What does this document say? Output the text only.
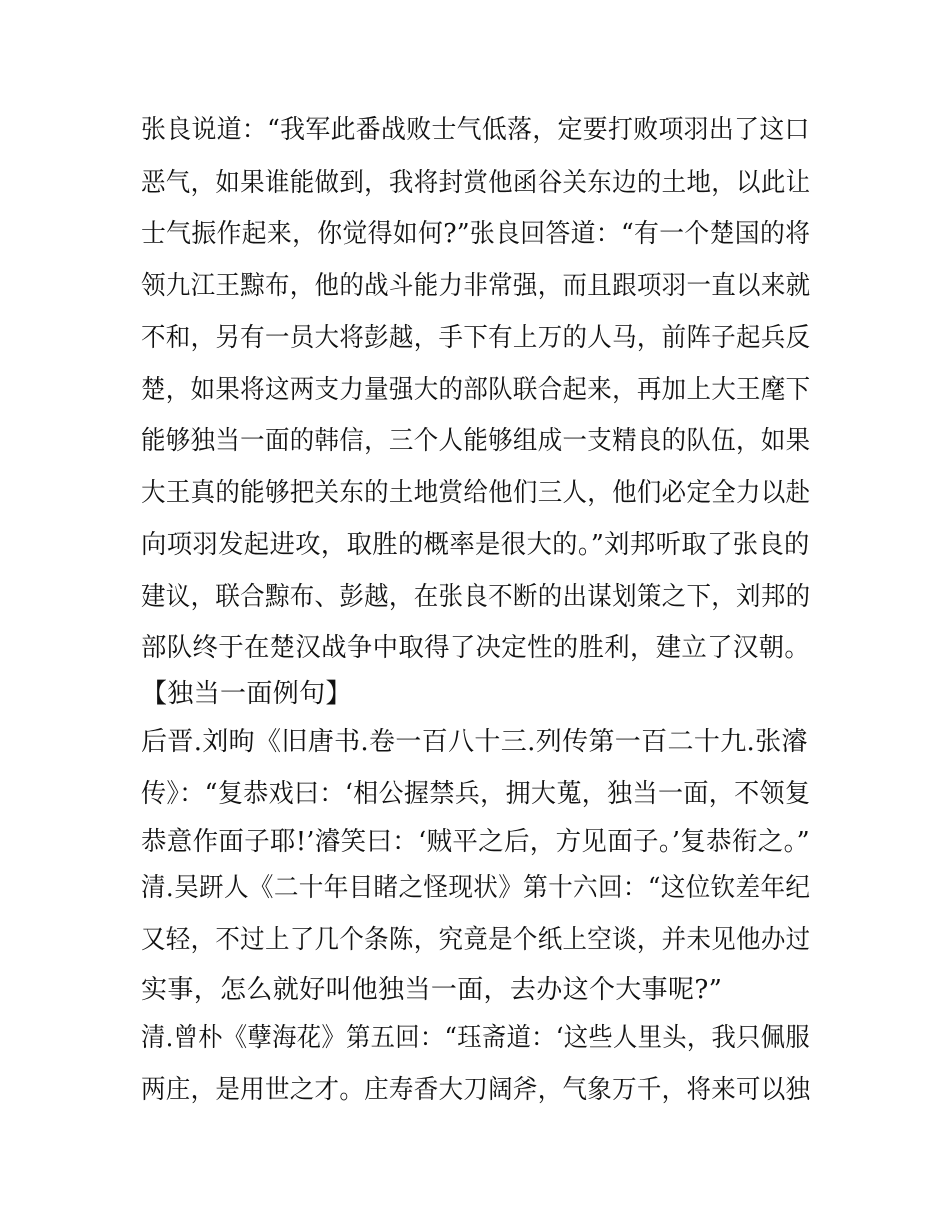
张良说道：“我军此番战败士气低落，定要打败项羽出了这口
恶气，如果谁能做到，我将封赏他函谷关东边的土地，以此让
士气振作起来，你觉得如何?”张良回答道：“有一个楚国的将
领九江王黥布，他的战斗能力非常强，而且跟项羽一直以来就
不和，另有一员大将彭越，手下有上万的人马，前阵子起兵反
楚，如果将这两支力量强大的部队联合起来，再加上大王麾下
能够独当一面的韩信，三个人能够组成一支精良的队伍，如果
大王真的能够把关东的土地赏给他们三人，他们必定全力以赴
向项羽发起进攻，取胜的概率是很大的。”刘邦听取了张良的
建议，联合黥布、彭越，在张良不断的出谋划策之下，刘邦的
部队终于在楚汉战争中取得了决定性的胜利，建立了汉朝。
【独当一面例句】
后晋.刘昫《旧唐书.卷一百八十三.列传第一百二十九.张濬
传》：“复恭戏曰：‘相公握禁兵，拥大蒐，独当一面，不领复
恭意作面子耶!’濬笑曰：‘贼平之后，方见面子。’复恭衔之。”
清.吴趼人《二十年目睹之怪现状》第十六回：“这位钦差年纪
又轻，不过上了几个条陈，究竟是个纸上空谈，并未见他办过
实事，怎么就好叫他独当一面，去办这个大事呢?”
清.曾朴《孽海花》第五回：“珏斋道：‘这些人里头，我只佩服
两庄，是用世之才。庄寿香大刀阔斧，气象万千，将来可以独
